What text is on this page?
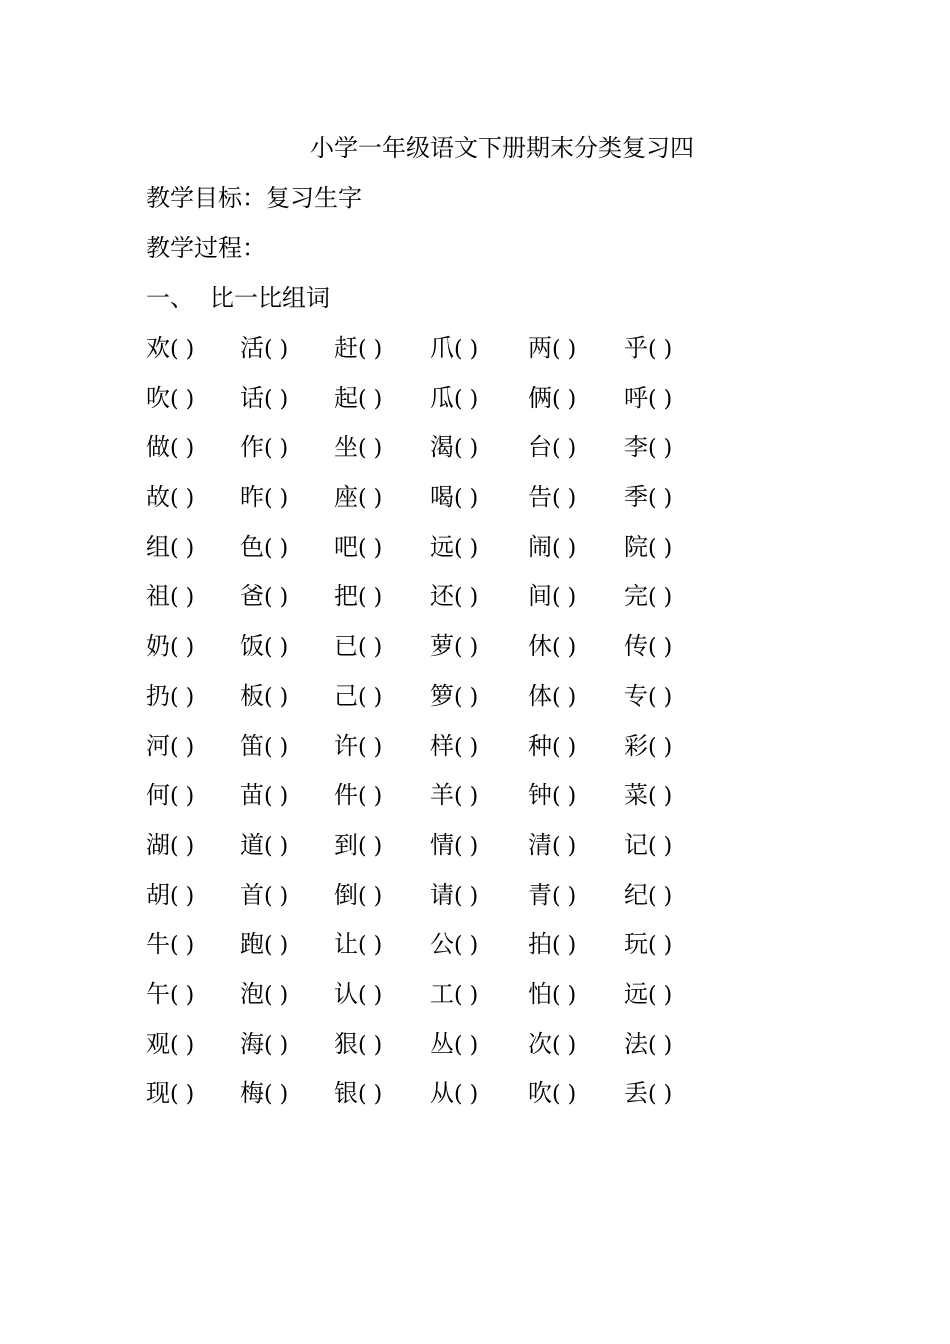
小学一年级语文下册期末分类复习四
教学目标：复习生字
教学过程：
一、 比一比组词
欢( ) 活( ) 赶( ) 爪( ) 两( ) 乎( )
吹( ) 话( ) 起( ) 瓜( ) 俩( ) 呼( )
做( ) 作( ) 坐( ) 渴( ) 台( ) 李( )
故( ) 昨( ) 座( ) 喝( ) 告( ) 季( )
组( ) 色( ) 吧( ) 远( ) 闹( ) 院( )
祖( ) 爸( ) 把( ) 还( ) 间( ) 完( )
奶( ) 饭( ) 已( ) 萝( ) 休( ) 传( )
扔( ) 板( ) 己( ) 箩( ) 体( ) 专( )
河( ) 笛( ) 许( ) 样( ) 种( ) 彩( )
何( ) 苗( ) 件( ) 羊( ) 钟( ) 菜( )
湖( ) 道( ) 到( ) 情( ) 清( ) 记( )
胡( ) 首( ) 倒( ) 请( ) 青( ) 纪( )
牛( ) 跑( ) 让( ) 公( ) 拍( ) 玩( )
午( ) 泡( ) 认( ) 工( ) 怕( ) 远( )
观( ) 海( ) 狠( ) 丛( ) 次( ) 法( )
现( ) 梅( ) 银( ) 从( ) 吹( ) 丢( )
